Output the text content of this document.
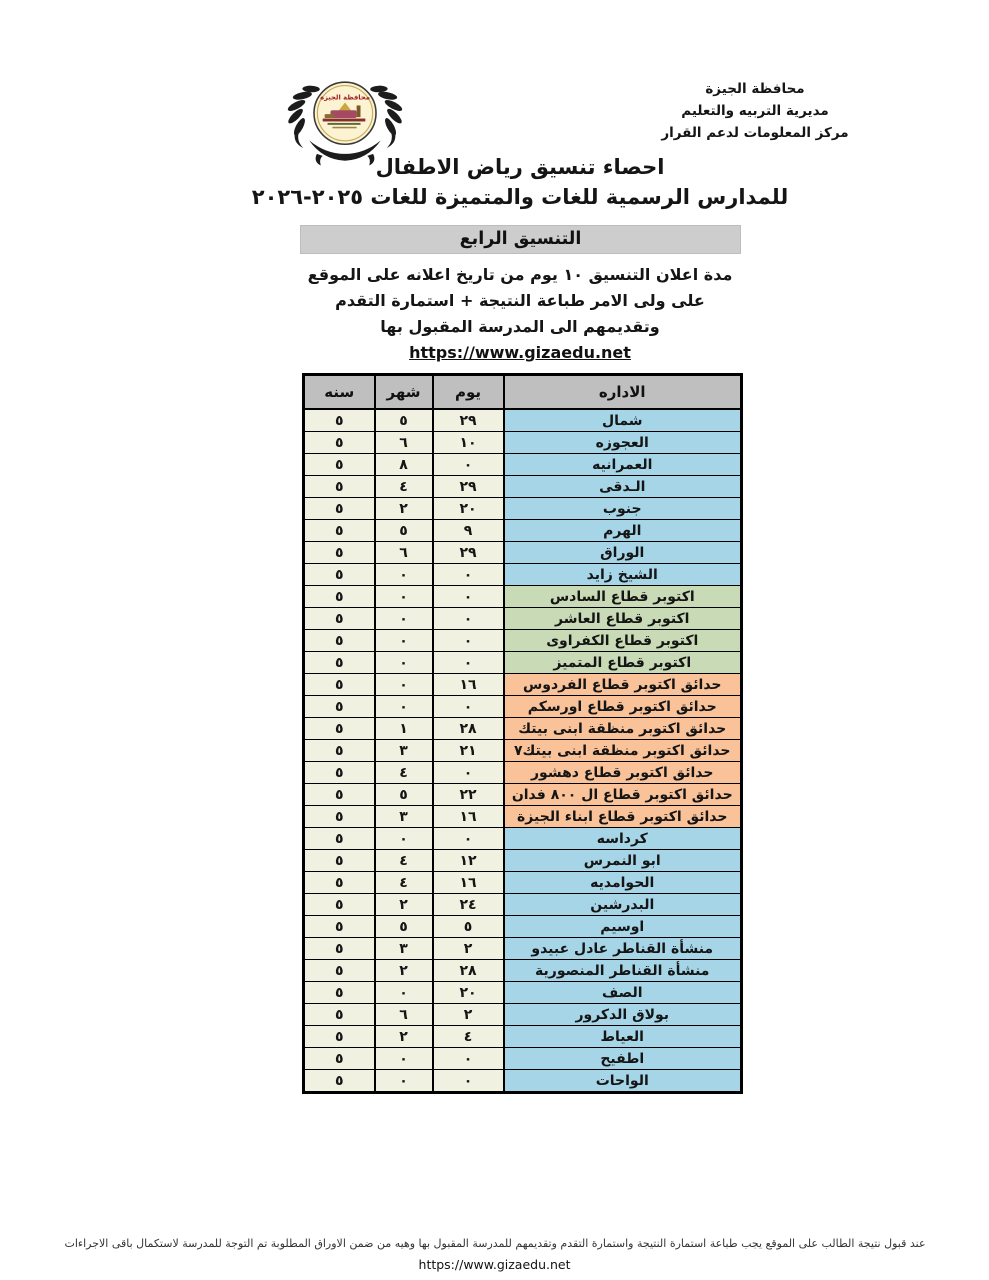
محافظة الجيزة
مديرية التربيه والتعليم
مركز المعلومات لدعم القرار
محافظة الجيزة
احصاء تنسيق رياض الاطفال
للمدارس الرسمية للغات والمتميزة للغات ٢٠٢٥-٢٠٢٦
التنسيق الرابع
مدة اعلان التنسيق ١٠ يوم من تاريخ اعلانه على الموقع
على ولى الامر طباعة النتيجة + استمارة التقدم
وتقديمهم الى المدرسة المقبول بها
https://www.gizaedu.net
الاداره	يوم	شهر	سنه
شمال	٢٩	٥	٥
العجوزه	١٠	٦	٥
العمرانيه	٠	٨	٥
الـدقى	٢٩	٤	٥
جنوب	٢٠	٢	٥
الهرم	٩	٥	٥
الوراق	٢٩	٦	٥
الشيخ زايد	٠	٠	٥
اكتوبر قطاع السادس	٠	٠	٥
اكتوبر قطاع العاشر	٠	٠	٥
اكتوبر قطاع الكفراوى	٠	٠	٥
اكتوبر قطاع المتميز	٠	٠	٥
حدائق اكتوبر قطاع الفردوس	١٦	٠	٥
حدائق اكتوبر قطاع اورسكم	٠	٠	٥
حدائق اكتوبر منظقة ابنى بيتك	٢٨	١	٥
حدائق اكتوبر منظقة ابنى بيتك٧	٢١	٣	٥
حدائق اكتوبر قطاع دهشور	٠	٤	٥
حدائق اكتوبر قطاع ال ٨٠٠ فدان	٢٢	٥	٥
حدائق اكتوبر قطاع ابناء الجيزة	١٦	٣	٥
كرداسه	٠	٠	٥
ابو النمرس	١٢	٤	٥
الحوامديه	١٦	٤	٥
البدرشين	٢٤	٢	٥
اوسيم	٥	٥	٥
منشأة القناطر عادل عبيدو	٢	٣	٥
منشأة القناطر المنصورية	٢٨	٢	٥
الصف	٢٠	٠	٥
بولاق الدكرور	٢	٦	٥
العياط	٤	٢	٥
اطفيح	٠	٠	٥
الواحات	٠	٠	٥
عند قبول نتيجة الطالب على الموقع يجب طباعة استمارة النتيجة واستمارة التقدم وتقديمهم للمدرسة المقبول بها وهيه من ضمن الاوراق المطلوبة تم التوجة للمدرسة لاستكمال باقى الاجراءات
https://www.gizaedu.net
